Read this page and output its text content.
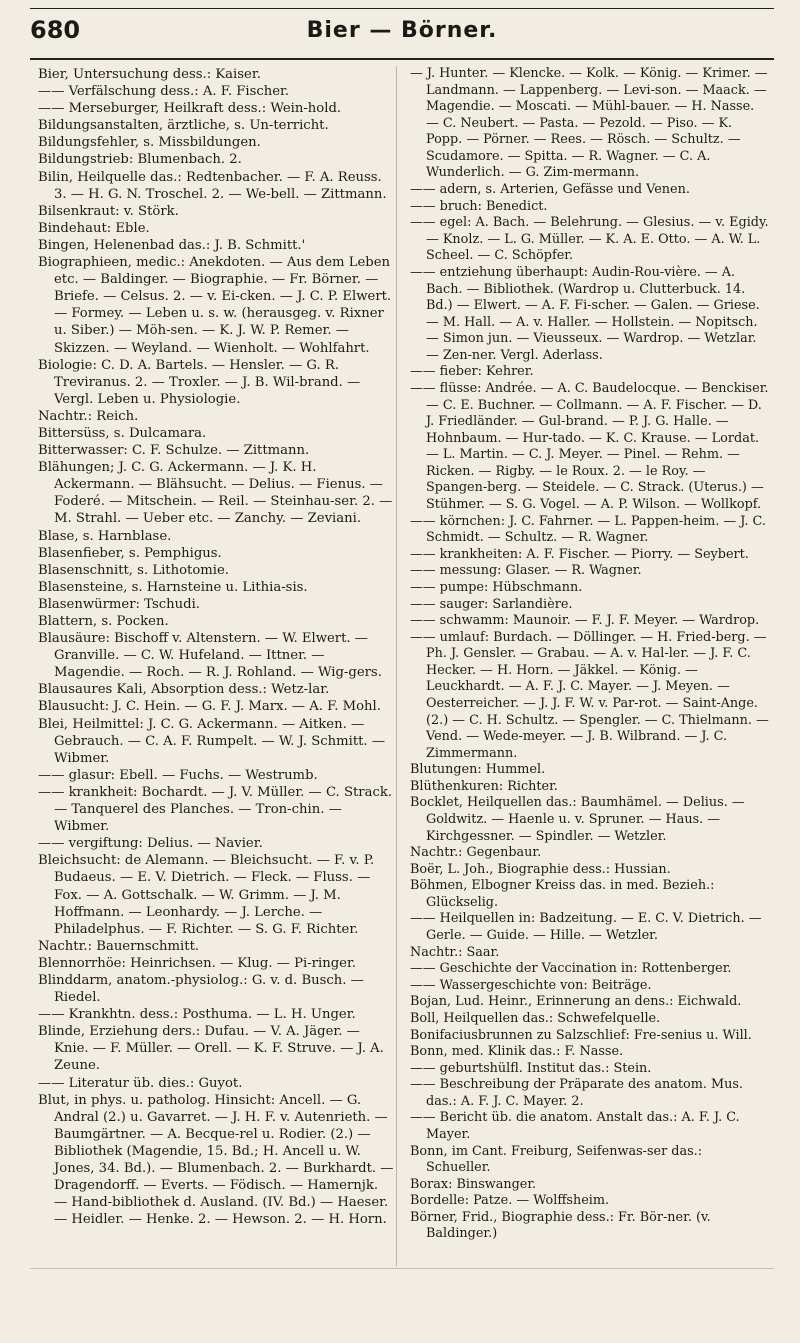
680	Bier — Börner.

Bier, Untersuchung dess.: Kaiser.

—— Verfälschung dess.: A. F. Fischer.

—— Merseburger, Heilkraft dess.: Wein-hold.

Bildungsanstalten, ärztliche, s. Un-terricht.

Bildungsfehler, s. Missbildungen.

Bildungstrieb: Blumenbach. 2.

Bilin, Heilquelle das.: Redtenbacher. — F. A. Reuss. 3. — H. G. N. Troschel. 2. — We-bell. — Zittmann.

Bilsenkraut: v. Störk.

Bindehaut: Eble.

Bingen, Helenenbad das.: J. B. Schmitt.'

Biographieen, medic.: Anekdoten. — Aus dem Leben etc. — Baldinger. — Biographie. — Fr. Börner. — Briefe. — Celsus. 2. — v. Ei-cken. — J. C. P. Elwert. — Formey. — Leben u. s. w. (herausgeg. v. Rixner u. Siber.) — Möh-sen. — K. J. W. P. Remer. — Skizzen. — Weyland. — Wienholt. — Wohlfahrt.

Biologie: C. D. A. Bartels. — Hensler. — G. R. Treviranus. 2. — Troxler. — J. B. Wil-brand. — Vergl. Leben u. Physiologie.

Nachtr.: Reich.

Bittersüss, s. Dulcamara.

Bitterwasser: C. F. Schulze. — Zittmann.

Blähungen; J. C. G. Ackermann. — J. K. H. Ackermann. — Blähsucht. — Delius. — Fienus. — Foderé. — Mitschein. — Reil. — Steinhau-ser. 2. — M. Strahl. — Ueber etc. — Zanchy. — Zeviani.

Blase, s. Harnblase.

Blasenfieber, s. Pemphigus.

Blasenschnitt, s. Lithotomie.

Blasensteine, s. Harnsteine u. Lithia-sis.

Blasenwürmer: Tschudi.

Blattern, s. Pocken.

Blausäure: Bischoff v. Altenstern. — W. Elwert. — Granville. — C. W. Hufeland. — Ittner. — Magendie. — Roch. — R. J. Rohland. — Wig-gers.

Blausaures Kali, Absorption dess.: Wetz-lar.

Blausucht: J. C. Hein. — G. F. J. Marx. — A. F. Mohl.

Blei, Heilmittel: J. C. G. Ackermann. — Aitken. — Gebrauch. — C. A. F. Rumpelt. — W. J. Schmitt. — Wibmer.

—— glasur: Ebell. — Fuchs. — Westrumb.

—— krankheit: Bochardt. — J. V. Müller. — C. Strack. — Tanquerel des Planches. — Tron-chin. — Wibmer.

—— vergiftung: Delius. — Navier.

Bleichsucht: de Alemann. — Bleichsucht. — F. v. P. Budaeus. — E. V. Dietrich. — Fleck. — Fluss. — Fox. — A. Gottschalk. — W. Grimm. — J. M. Hoffmann. — Leonhardy. — J. Lerche. — Philadelphus. — F. Richter. — S. G. F. Richter.

Nachtr.: Bauernschmitt.

Blennorrhöe: Heinrichsen. — Klug. — Pi-ringer.

Blinddarm, anatom.-physiolog.: G. v. d. Busch. — Riedel.

—— Krankhtn. dess.: Posthuma. — L. H. Unger.

Blinde, Erziehung ders.: Dufau. — V. A. Jäger. — Knie. — F. Müller. — Orell. — K. F. Struve. — J. A. Zeune.

—— Literatur üb. dies.: Guyot.

Blut, in phys. u. patholog. Hinsicht: Ancell. — G. Andral (2.) u. Gavarret. — J. H. F. v. Autenrieth. — Baumgärtner. — A. Becque-rel u. Rodier. (2.) — Bibliothek (Magendie, 15. Bd.; H. Ancell u. W. Jones, 34. Bd.). — Blumenbach. 2. — Burkhardt. — Dragendorff. — Everts. — Födisch. — Hamernjk. — Hand-bibliothek d. Ausland. (IV. Bd.) — Haeser. — Heidler. — Henke. 2. — Hewson. 2. — H. Horn.

— J. Hunter. — Klencke. — Kolk. — König. — Krimer. — Landmann. — Lappenberg. — Levi-son. — Maack. — Magendie. — Moscati. — Mühl-bauer. — H. Nasse. — C. Neubert. — Pasta. — Pezold. — Piso. — K. Popp. — Pörner. — Rees. — Rösch. — Schultz. — Scudamore. — Spitta. — R. Wagner. — C. A. Wunderlich. — G. Zim-mermann.

—— adern, s. Arterien, Gefässe und Venen.

—— bruch: Benedict.

—— egel: A. Bach. — Belehrung. — Glesius. — v. Egidy. — Knolz. — L. G. Müller. — K. A. E. Otto. — A. W. L. Scheel. — C. Schöpfer.

—— entziehung überhaupt: Audin-Rou-vière. — A. Bach. — Bibliothek. (Wardrop u. Clutterbuck. 14. Bd.) — Elwert. — A. F. Fi-scher. — Galen. — Griese. — M. Hall. — A. v. Haller. — Hollstein. — Nopitsch. — Simon jun. — Vieusseux. — Wardrop. — Wetzlar. — Zen-ner. Vergl. Aderlass.

—— fieber: Kehrer.

—— flüsse: Andrée. — A. C. Baudelocque. — Benckiser. — C. E. Buchner. — Collmann. — A. F. Fischer. — D. J. Friedländer. — Gul-brand. — P. J. G. Halle. — Hohnbaum. — Hur-tado. — K. C. Krause. — Lordat. — L. Martin. — C. J. Meyer. — Pinel. — Rehm. — Ricken. — Rigby. — le Roux. 2. — le Roy. — Spangen-berg. — Steidele. — C. Strack. (Uterus.) — Stühmer. — S. G. Vogel. — A. P. Wilson. — Wollkopf.

—— körnchen: J. C. Fahrner. — L. Pappen-heim. — J. C. Schmidt. — Schultz. — R. Wagner.

—— krankheiten: A. F. Fischer. — Piorry. — Seybert.

—— messung: Glaser. — R. Wagner.

—— pumpe: Hübschmann.

—— sauger: Sarlandière.

—— schwamm: Maunoir. — F. J. F. Meyer. — Wardrop.

—— umlauf: Burdach. — Döllinger. — H. Fried-berg. — Ph. J. Gensler. — Grabau. — A. v. Hal-ler. — J. F. C. Hecker. — H. Horn. — Jäkkel. — König. — Leuckhardt. — A. F. J. C. Mayer. — J. Meyen. — Oesterreicher. — J. J. F. W. v. Par-rot. — Saint-Ange. (2.) — C. H. Schultz. — Spengler. — C. Thielmann. — Vend. — Wede-meyer. — J. B. Wilbrand. — J. C. Zimmermann.

Blutungen: Hummel.

Blüthenkuren: Richter.

Bocklet, Heilquellen das.: Baumhämel. — Delius. — Goldwitz. — Haenle u. v. Spruner. — Haus. — Kirchgessner. — Spindler. — Wetzler.

Nachtr.: Gegenbaur.

Boër, L. Joh., Biographie dess.: Hussian.

Böhmen, Elbogner Kreiss das. in med. Bezieh.: Glückselig.

—— Heilquellen in: Badzeitung. — E. C. V. Dietrich. — Gerle. — Guide. — Hille. — Wetzler.

Nachtr.: Saar.

—— Geschichte der Vaccination in: Rottenberger.

—— Wassergeschichte von: Beiträge.

Bojan, Lud. Heinr., Erinnerung an dens.: Eichwald.

Boll, Heilquellen das.: Schwefelquelle.

Bonifaciusbrunnen zu Salzschlief: Fre-senius u. Will.

Bonn, med. Klinik das.: F. Nasse.

—— geburtshülfl. Institut das.: Stein.

—— Beschreibung der Präparate des anatom. Mus. das.: A. F. J. C. Mayer. 2.

—— Bericht üb. die anatom. Anstalt das.: A. F. J. C. Mayer.

Bonn, im Cant. Freiburg, Seifenwas-ser das.: Schueller.

Borax: Binswanger.

Bordelle: Patze. — Wolffsheim.

Börner, Frid., Biographie dess.: Fr. Bör-ner. (v. Baldinger.)
